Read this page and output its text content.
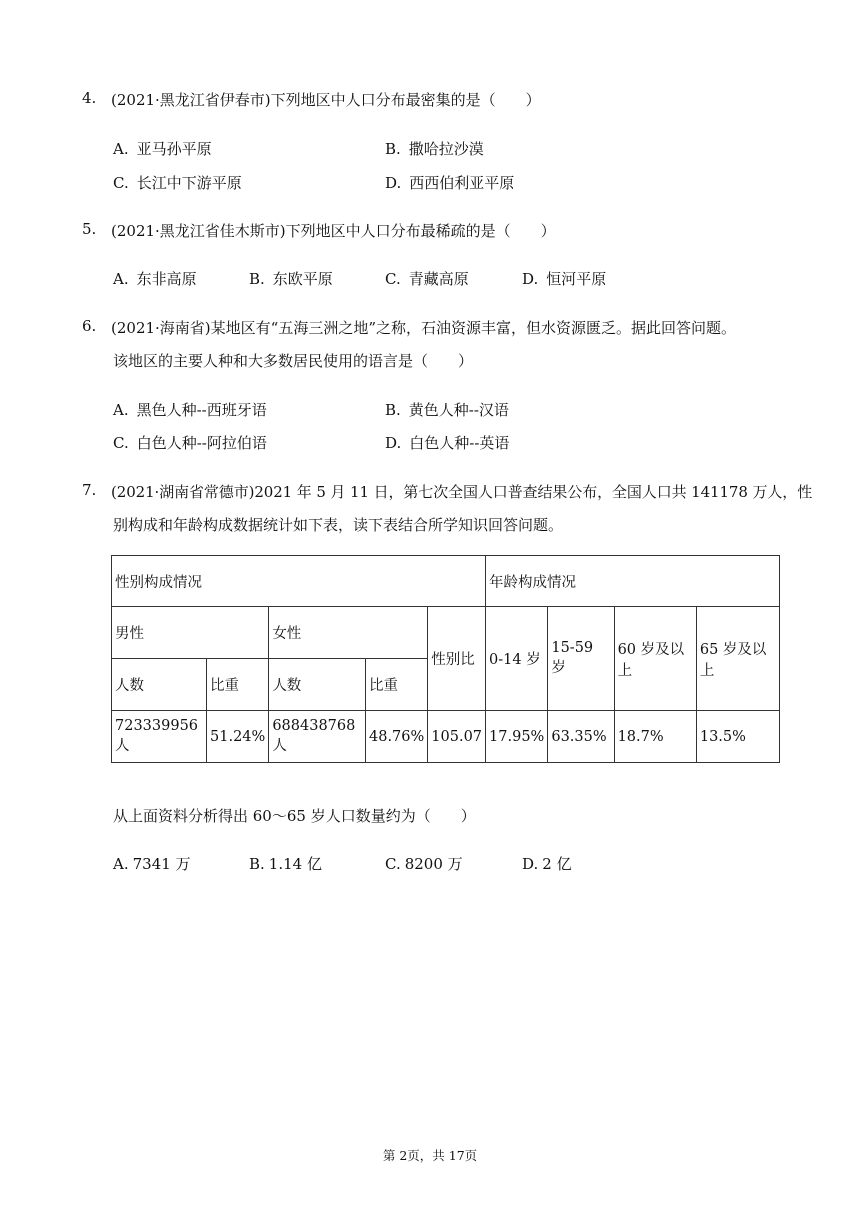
4. (2021·黑龙江省伊春市)下列地区中人口分布最密集的是（　　）
A. 亚马孙平原	B. 撒哈拉沙漠
C. 长江中下游平原	D. 西西伯利亚平原
5. (2021·黑龙江省佳木斯市)下列地区中人口分布最稀疏的是（　　）
A. 东非高原	B. 东欧平原	C. 青藏高原	D. 恒河平原
6. (2021·海南省)某地区有“五海三洲之地”之称，石油资源丰富，但水资源匮乏。据此回答问题。
该地区的主要人种和大多数居民使用的语言是（　　）
A. 黑色人种--西班牙语	B. 黄色人种--汉语
C. 白色人种--阿拉伯语	D. 白色人种--英语
7. (2021·湖南省常德市)2021 年 5 月 11 日，第七次全国人口普查结果公布，全国人口共 141178 万人，性
别构成和年龄构成数据统计如下表，读下表结合所学知识回答问题。
性别构成情况					年龄构成情况			
男性		女性		性别比	0-14 岁	15-59 岁	60 岁及以上	65 岁及以上
人数	比重	人数	比重					
723339956 人	51.24%	688438768 人	48.76%	105.07	17.95%	63.35%	18.7%	13.5%
从上面资料分析得出 60～65 岁人口数量约为（　　）
A. 7341 万	B. 1.14 亿	C. 8200 万	D. 2 亿
第 2页，共 17页
